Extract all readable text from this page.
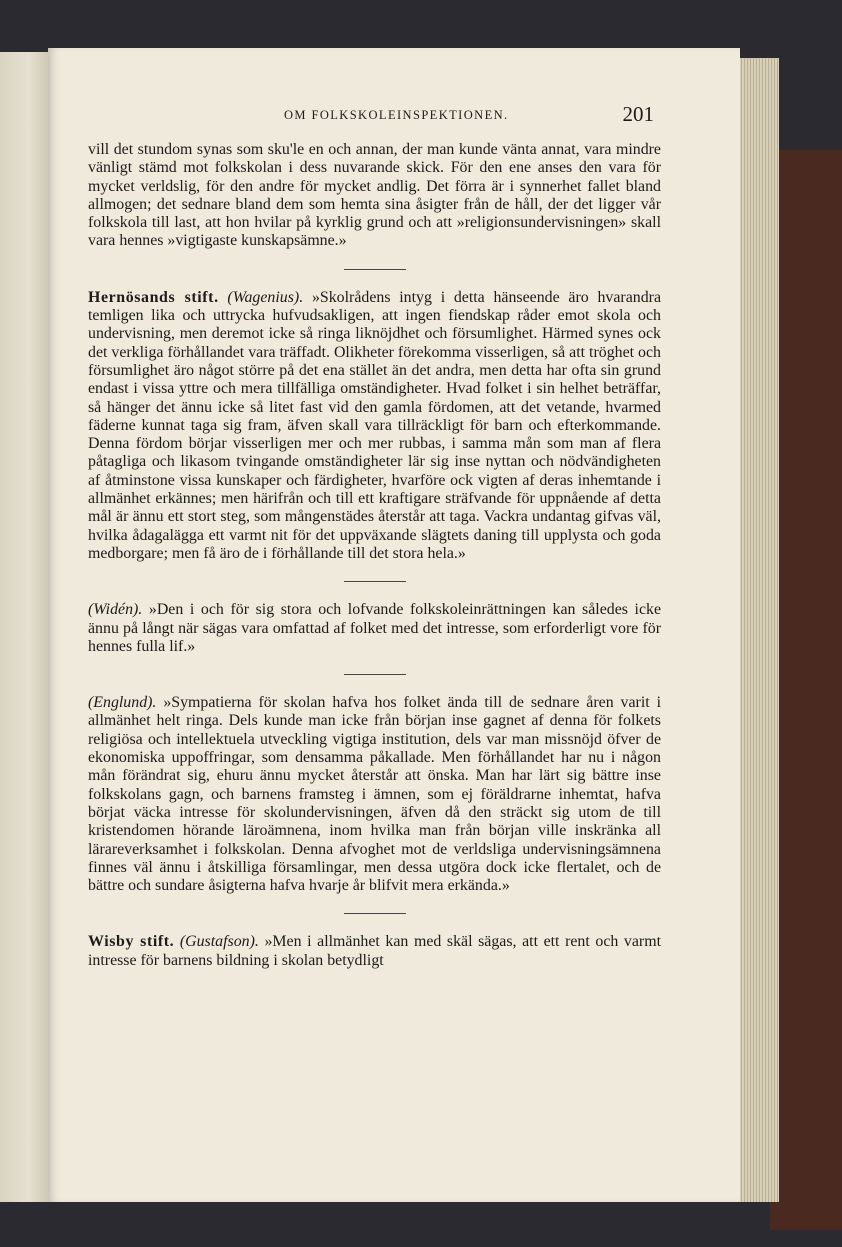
OM FOLKSKOLEINSPEKTIONEN.	201

vill det stundom synas som sku'le en och annan, der man kunde vänta annat, vara mindre vänligt stämd mot folkskolan i dess nuvarande skick. För den ene anses den vara för mycket verldslig, för den andre för mycket andlig. Det förra är i synnerhet fallet bland allmogen; det sednare bland dem som hemta sina åsigter från de håll, der det ligger vår folkskola till last, att hon hvilar på kyrklig grund och att »religionsundervisningen» skall vara hennes »vigtigaste kunskapsämne.»

Hernösands stift. (Wagenius). »Skolrådens intyg i detta hänseende äro hvarandra temligen lika och uttrycka hufvudsakligen, att ingen fiendskap råder emot skola och undervisning, men deremot icke så ringa liknöjdhet och försumlighet. Härmed synes ock det verkliga förhållandet vara träffadt. Olikheter förekomma visserligen, så att tröghet och försumlighet äro något större på det ena stället än det andra, men detta har ofta sin grund endast i vissa yttre och mera tillfälliga omständigheter. Hvad folket i sin helhet beträffar, så hänger det ännu icke så litet fast vid den gamla fördomen, att det vetande, hvarmed fäderne kunnat taga sig fram, äfven skall vara tillräckligt för barn och efterkommande. Denna fördom börjar visserligen mer och mer rubbas, i samma mån som man af flera påtagliga och likasom tvingande omständigheter lär sig inse nyttan och nödvändigheten af åtminstone vissa kunskaper och färdigheter, hvarföre ock vigten af deras inhemtande i allmänhet erkännes; men härifrån och till ett kraftigare sträfvande för uppnående af detta mål är ännu ett stort steg, som mångenstädes återstår att taga. Vackra undantag gifvas väl, hvilka ådagalägga ett varmt nit för det uppväxande slägtets daning till upplysta och goda medborgare; men få äro de i förhållande till det stora hela.»

(Widén). »Den i och för sig stora och lofvande folkskoleinrättningen kan således icke ännu på långt när sägas vara omfattad af folket med det intresse, som erforderligt vore för hennes fulla lif.»

(Englund). »Sympatierna för skolan hafva hos folket ända till de sednare åren varit i allmänhet helt ringa. Dels kunde man icke från början inse gagnet af denna för folkets religiösa och intellektuela utveckling vigtiga institution, dels var man missnöjd öfver de ekonomiska uppoffringar, som densamma påkallade. Men förhållandet har nu i någon mån förändrat sig, ehuru ännu mycket återstår att önska. Man har lärt sig bättre inse folkskolans gagn, och barnens framsteg i ämnen, som ej föräldrarne inhemtat, hafva börjat väcka intresse för skolundervisningen, äfven då den sträckt sig utom de till kristendomen hörande läroämnena, inom hvilka man från början ville inskränka all lärareverksamhet i folkskolan. Denna afvoghet mot de verldsliga undervisningsämnena finnes väl ännu i åtskilliga församlingar, men dessa utgöra dock icke flertalet, och de bättre och sundare åsigterna hafva hvarje år blifvit mera erkända.»

Wisby stift. (Gustafson). »Men i allmänhet kan med skäl sägas, att ett rent och varmt intresse för barnens bildning i skolan betydligt
